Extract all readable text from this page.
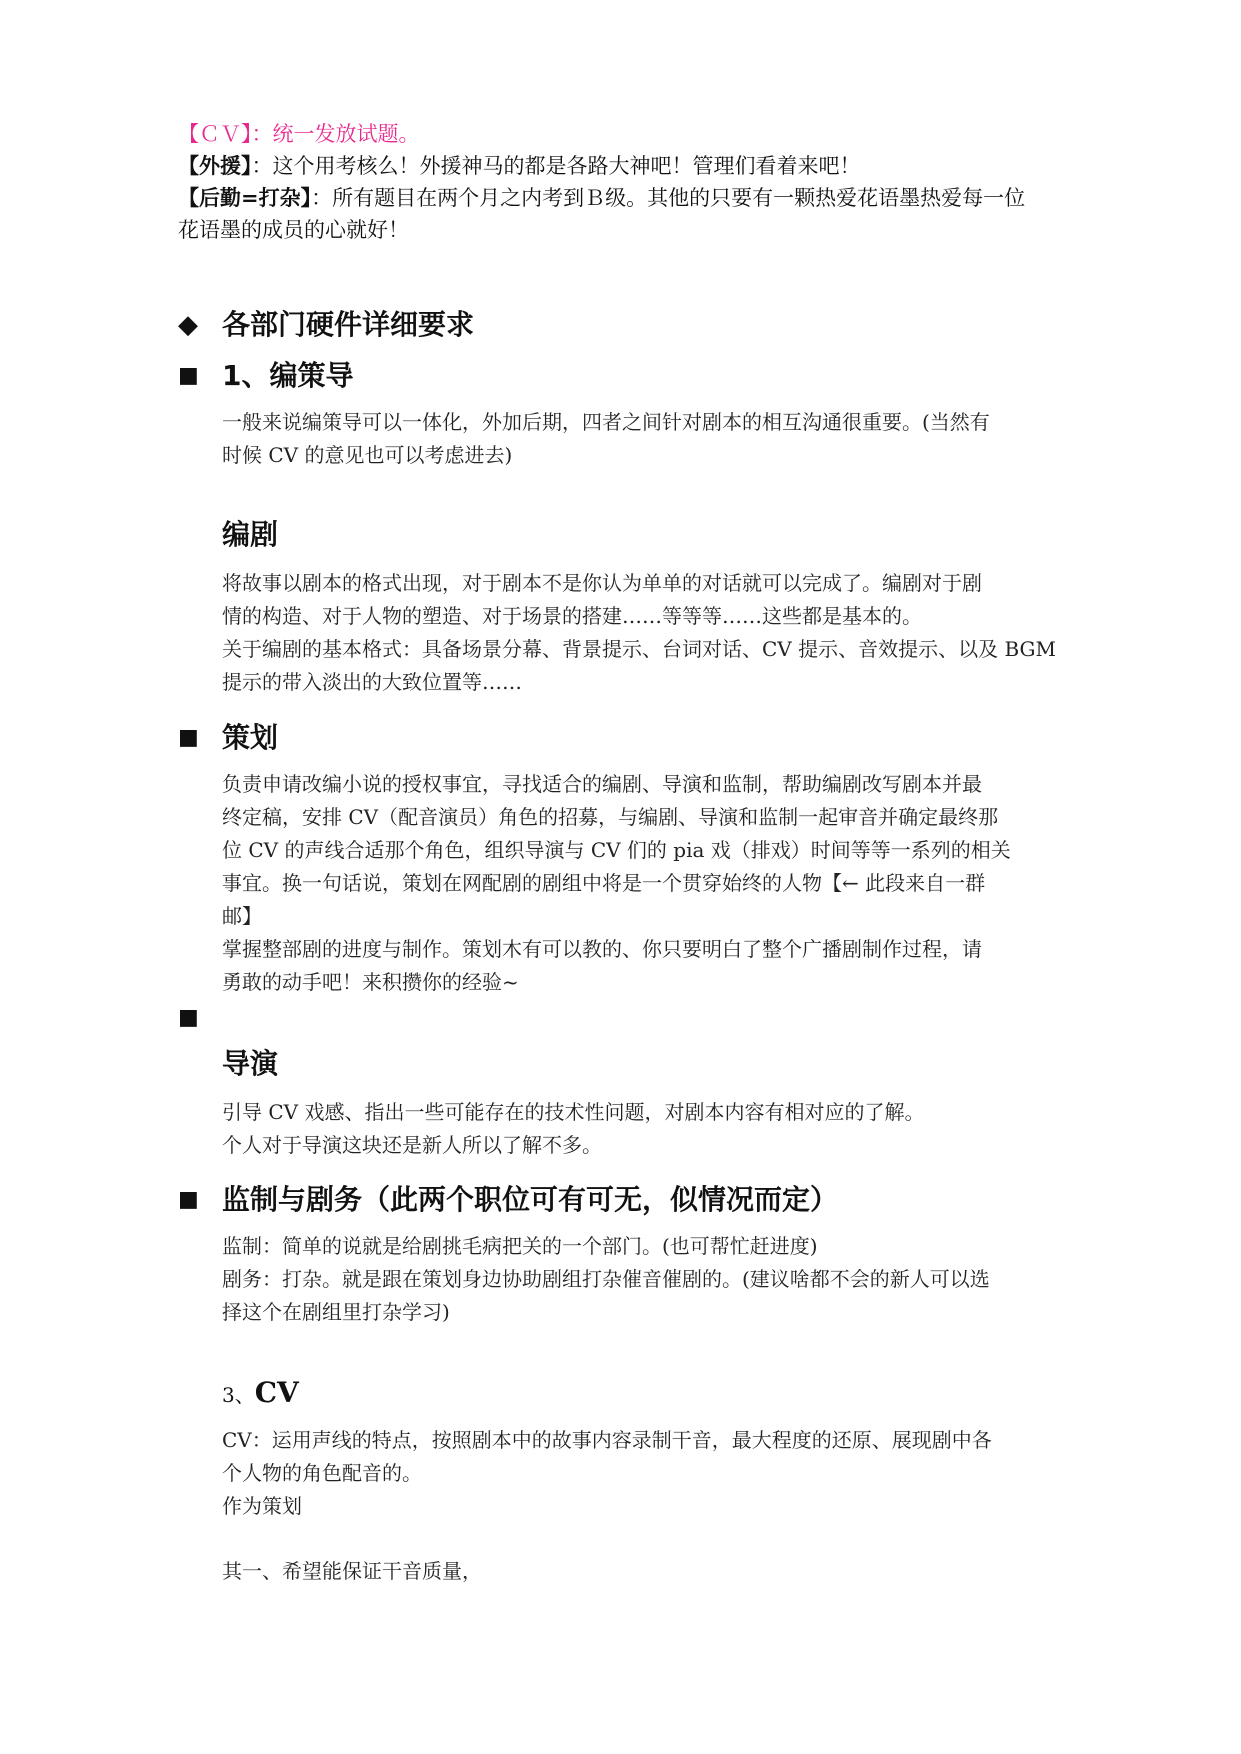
【ＣＶ】：统一发放试题。
【外援】：这个用考核么！外援神马的都是各路大神吧！管理们看着来吧！
【后勤=打杂】：所有题目在两个月之内考到Ｂ级。其他的只要有一颗热爱花语墨热爱每一位
花语墨的成员的心就好！
◆ 各部门硬件详细要求
■ 1、编策导
一般来说编策导可以一体化，外加后期，四者之间针对剧本的相互沟通很重要。(当然有
时候 CV 的意见也可以考虑进去)
编剧
将故事以剧本的格式出现，对于剧本不是你认为单单的对话就可以完成了。编剧对于剧
情的构造、对于人物的塑造、对于场景的搭建……等等等……这些都是基本的。
关于编剧的基本格式：具备场景分幕、背景提示、台词对话、CV 提示、音效提示、以及 BGM
提示的带入淡出的大致位置等……
■ 策划
负责申请改编小说的授权事宜，寻找适合的编剧、导演和监制，帮助编剧改写剧本并最
终定稿，安排 CV（配音演员）角色的招募，与编剧、导演和监制一起审音并确定最终那
位 CV 的声线合适那个角色，组织导演与 CV 们的 pia 戏（排戏）时间等等一系列的相关
事宜。换一句话说，策划在网配剧的剧组中将是一个贯穿始终的人物【← 此段来自一群
邮】
掌握整部剧的进度与制作。策划木有可以教的、你只要明白了整个广播剧制作过程，请
勇敢的动手吧！来积攒你的经验~
■
导演
引导 CV 戏感、指出一些可能存在的技术性问题，对剧本内容有相对应的了解。
个人对于导演这块还是新人所以了解不多。
■ 监制与剧务（此两个职位可有可无，似情况而定）
监制：简单的说就是给剧挑毛病把关的一个部门。(也可帮忙赶进度)
剧务：打杂。就是跟在策划身边协助剧组打杂催音催剧的。(建议啥都不会的新人可以选
择这个在剧组里打杂学习)
3、CV
CV：运用声线的特点，按照剧本中的故事内容录制干音，最大程度的还原、展现剧中各
个人物的角色配音的。
作为策划
其一、希望能保证干音质量，
